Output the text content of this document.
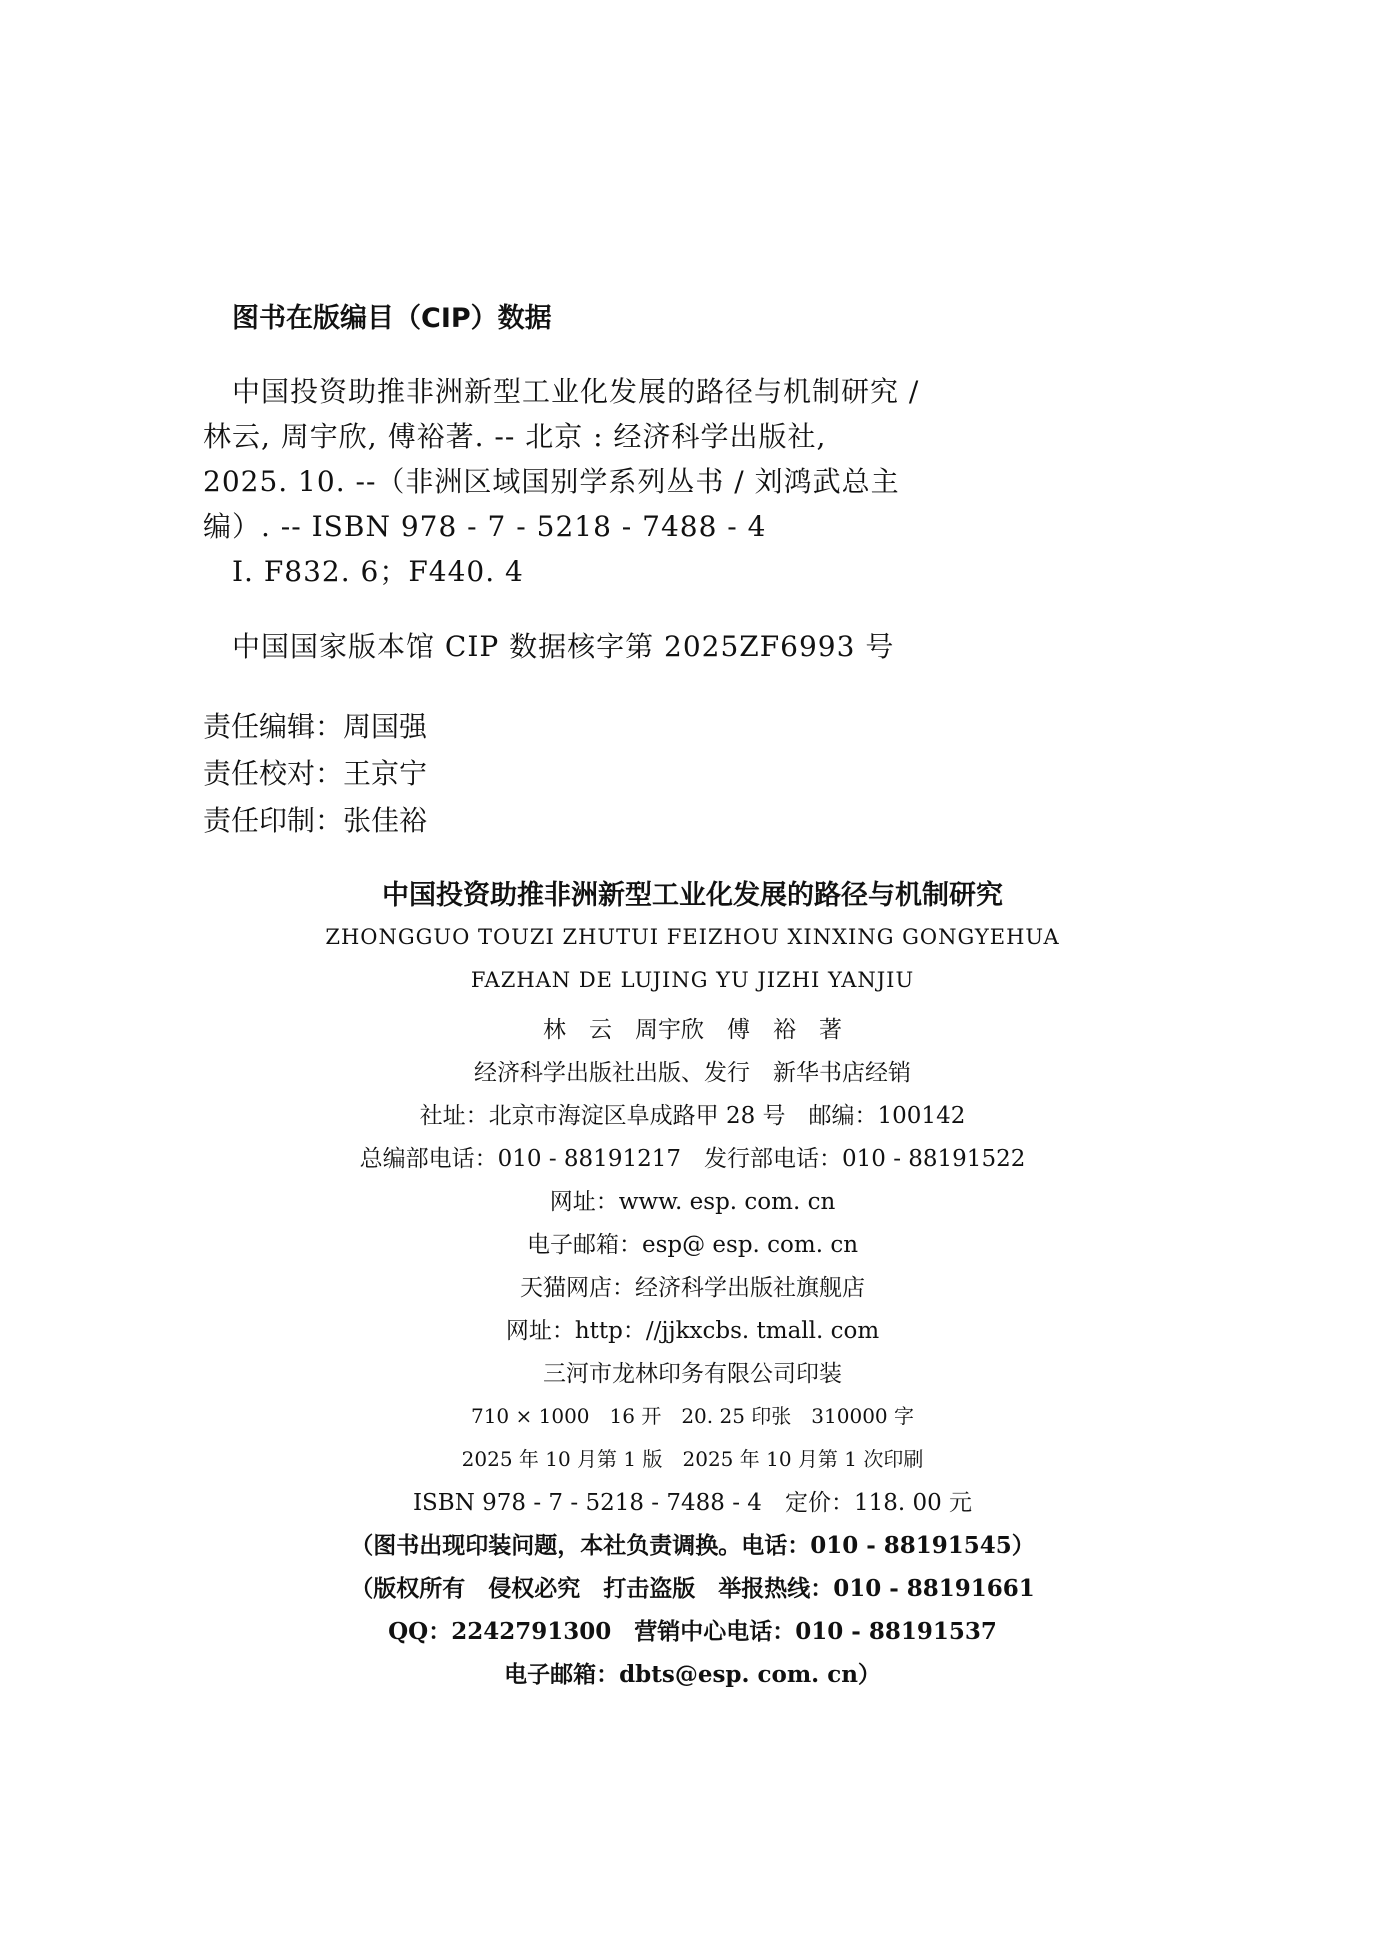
图书在版编目（CIP）数据
中国投资助推非洲新型工业化发展的路径与机制研究 /
林云, 周宇欣, 傅裕著. -- 北京 : 经济科学出版社,
2025. 10. --（非洲区域国别学系列丛书 / 刘鸿武总主
编）. -- ISBN 978 - 7 - 5218 - 7488 - 4
Ⅰ. F832. 6；F440. 4
中国国家版本馆 CIP 数据核字第 2025ZF6993 号
责任编辑：周国强
责任校对：王京宁
责任印制：张佳裕
中国投资助推非洲新型工业化发展的路径与机制研究
ZHONGGUO TOUZI ZHUTUI FEIZHOU XINXING GONGYEHUA
FAZHAN DE LUJING YU JIZHI YANJIU
林　云　周宇欣　傅　裕　著
经济科学出版社出版、发行　新华书店经销
社址：北京市海淀区阜成路甲 28 号　邮编：100142
总编部电话：010 - 88191217　发行部电话：010 - 88191522
网址：www. esp. com. cn
电子邮箱：esp@ esp. com. cn
天猫网店：经济科学出版社旗舰店
网址：http：//jjkxcbs. tmall. com
三河市龙林印务有限公司印装
710 × 1000　16 开　20. 25 印张　310000 字
2025 年 10 月第 1 版　2025 年 10 月第 1 次印刷
ISBN 978 - 7 - 5218 - 7488 - 4　定价：118. 00 元
（图书出现印装问题，本社负责调换。电话：010 - 88191545）
（版权所有　侵权必究　打击盗版　举报热线：010 - 88191661
QQ：2242791300　营销中心电话：010 - 88191537
电子邮箱：dbts@esp. com. cn）
